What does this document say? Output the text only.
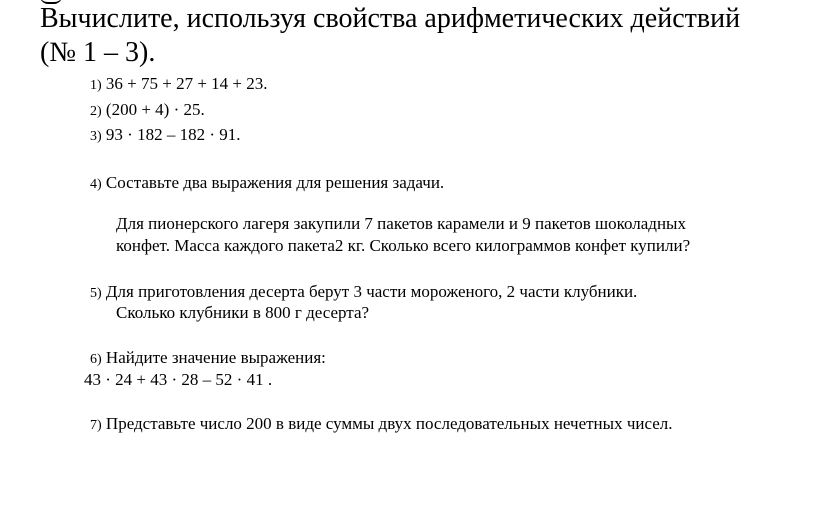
Вычислите, используя свойства арифметических действий
(№ 1 – 3).
1) 36 + 75 + 27 + 14 + 23.
2) (200 + 4) · 25.
3) 93 · 182 – 182 · 91.
4) Составьте два выражения для решения задачи.
Для пионерского лагеря закупили 7 пакетов карамели и 9 пакетов шоколадных
конфет. Масса каждого пакета2 кг. Сколько всего килограммов конфет купили?
5) Для приготовления десерта берут 3 части мороженого, 2 части клубники.
Сколько клубники в 800 г десерта?
6) Найдите значение выражения:
43 · 24 + 43 · 28 – 52 · 41 .
7) Представьте число 200 в виде суммы двух последовательных нечетных чисел.
